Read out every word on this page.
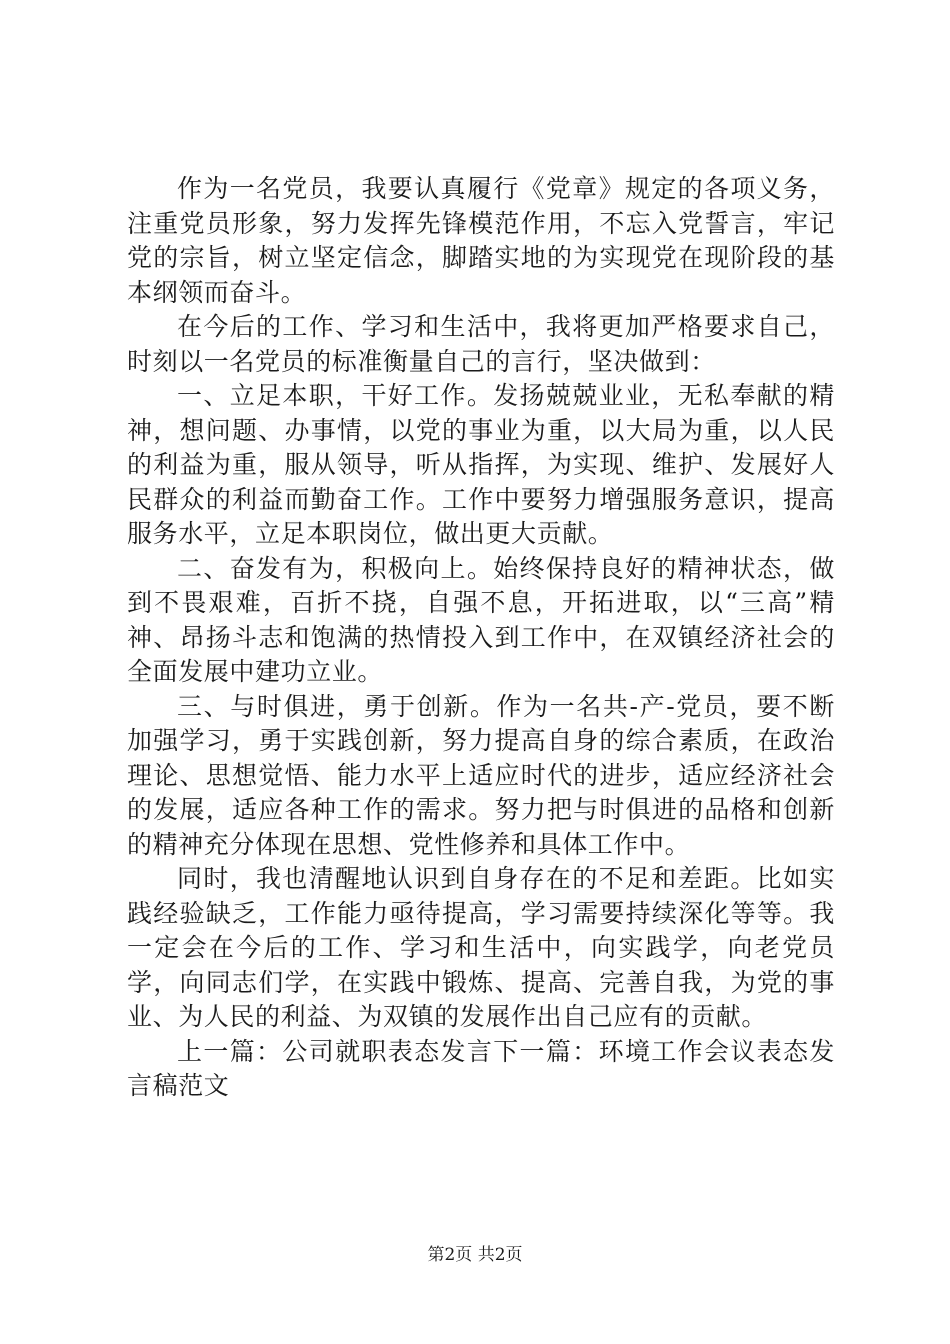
作为一名党员，我要认真履行《党章》规定的各项义务，注重党员形象，努力发挥先锋模范作用，不忘入党誓言，牢记党的宗旨，树立坚定信念，脚踏实地的为实现党在现阶段的基本纲领而奋斗。

在今后的工作、学习和生活中，我将更加严格要求自己，时刻以一名党员的标准衡量自己的言行，坚决做到：

一、立足本职，干好工作。发扬兢兢业业，无私奉献的精神，想问题、办事情，以党的事业为重，以大局为重，以人民的利益为重，服从领导，听从指挥，为实现、维护、发展好人民群众的利益而勤奋工作。工作中要努力增强服务意识，提高服务水平，立足本职岗位，做出更大贡献。

二、奋发有为，积极向上。始终保持良好的精神状态，做到不畏艰难，百折不挠，自强不息，开拓进取，以“三高”精神、昂扬斗志和饱满的热情投入到工作中，在双镇经济社会的全面发展中建功立业。

三、与时俱进，勇于创新。作为一名共-产-党员，要不断加强学习，勇于实践创新，努力提高自身的综合素质，在政治理论、思想觉悟、能力水平上适应时代的进步，适应经济社会的发展，适应各种工作的需求。努力把与时俱进的品格和创新的精神充分体现在思想、党性修养和具体工作中。

同时，我也清醒地认识到自身存在的不足和差距。比如实践经验缺乏，工作能力亟待提高，学习需要持续深化等等。我一定会在今后的工作、学习和生活中，向实践学，向老党员学，向同志们学，在实践中锻炼、提高、完善自我，为党的事业、为人民的利益、为双镇的发展作出自己应有的贡献。

上一篇：公司就职表态发言下一篇：环境工作会议表态发言稿范文

第2页 共2页
